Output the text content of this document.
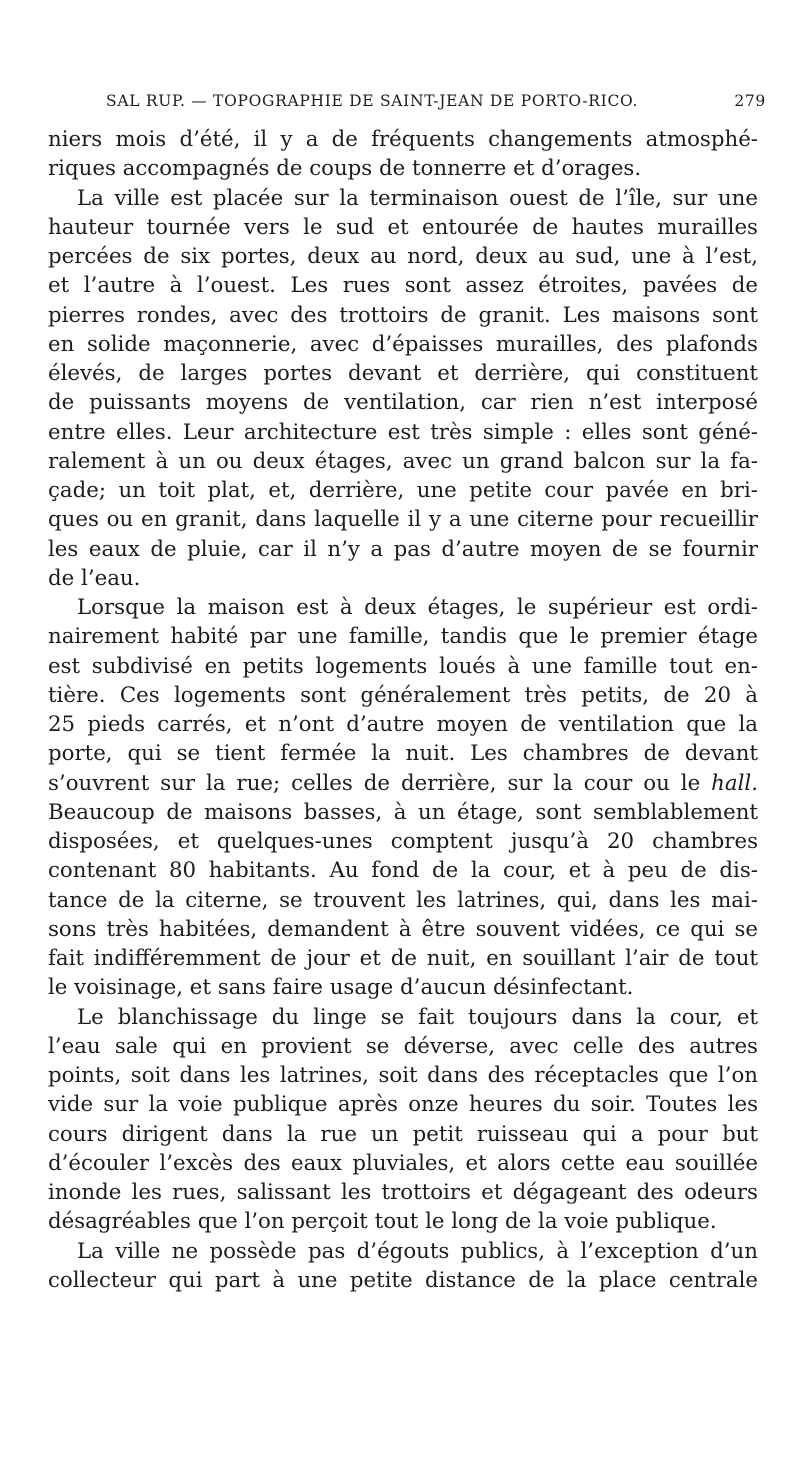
SAL RUP. — TOPOGRAPHIE DE SAINT-JEAN DE PORTO-RICO.	279
niers mois d’été, il y a de fréquents changements atmosphé-
riques accompagnés de coups de tonnerre et d’orages.
La ville est placée sur la terminaison ouest de l’île, sur une
hauteur tournée vers le sud et entourée de hautes murailles
percées de six portes, deux au nord, deux au sud, une à l’est,
et l’autre à l’ouest. Les rues sont assez étroites, pavées de
pierres rondes, avec des trottoirs de granit. Les maisons sont
en solide maçonnerie, avec d’épaisses murailles, des plafonds
élevés, de larges portes devant et derrière, qui constituent
de puissants moyens de ventilation, car rien n’est interposé
entre elles. Leur architecture est très simple : elles sont géné-
ralement à un ou deux étages, avec un grand balcon sur la fa-
çade; un toit plat, et, derrière, une petite cour pavée en bri-
ques ou en granit, dans laquelle il y a une citerne pour recueillir
les eaux de pluie, car il n’y a pas d’autre moyen de se fournir
de l’eau.
Lorsque la maison est à deux étages, le supérieur est ordi-
nairement habité par une famille, tandis que le premier étage
est subdivisé en petits logements loués à une famille tout en-
tière. Ces logements sont généralement très petits, de 20 à
25 pieds carrés, et n’ont d’autre moyen de ventilation que la
porte, qui se tient fermée la nuit. Les chambres de devant
s’ouvrent sur la rue; celles de derrière, sur la cour ou le hall.
Beaucoup de maisons basses, à un étage, sont semblablement
disposées, et quelques-unes comptent jusqu’à 20 chambres
contenant 80 habitants. Au fond de la cour, et à peu de dis-
tance de la citerne, se trouvent les latrines, qui, dans les mai-
sons très habitées, demandent à être souvent vidées, ce qui se
fait indifféremment de jour et de nuit, en souillant l’air de tout
le voisinage, et sans faire usage d’aucun désinfectant.
Le blanchissage du linge se fait toujours dans la cour, et
l’eau sale qui en provient se déverse, avec celle des autres
points, soit dans les latrines, soit dans des réceptacles que l’on
vide sur la voie publique après onze heures du soir. Toutes les
cours dirigent dans la rue un petit ruisseau qui a pour but
d’écouler l’excès des eaux pluviales, et alors cette eau souillée
inonde les rues, salissant les trottoirs et dégageant des odeurs
désagréables que l’on perçoit tout le long de la voie publique.
La ville ne possède pas d’égouts publics, à l’exception d’un
collecteur qui part à une petite distance de la place centrale
